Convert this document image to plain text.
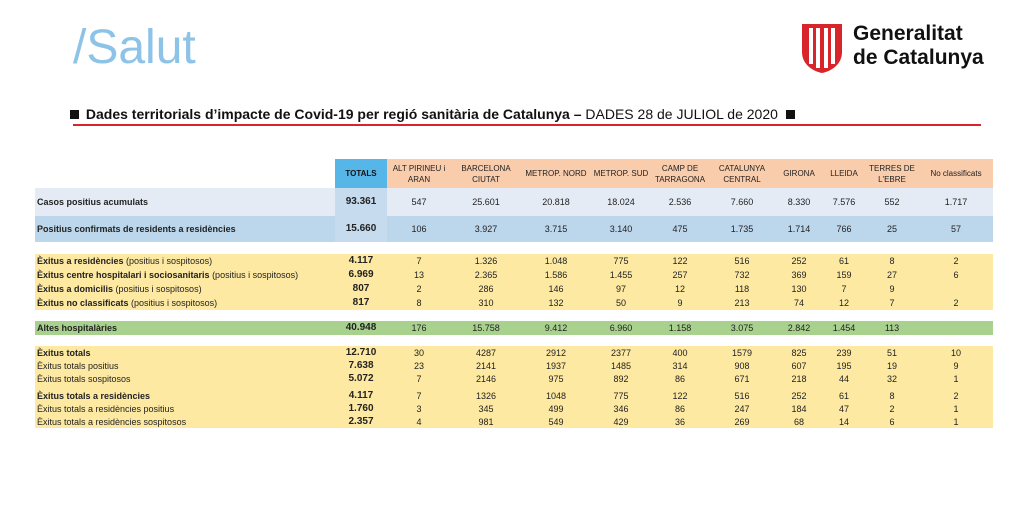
/Salut	Generalitat
de Catalunya
Dades territorials d’impacte de Covid-19 per regió sanitària de Catalunya – DADES 28 de JULIOL de 2020
	TOTALS	ALT PIRINEU i ARAN	BARCELONA CIUTAT	METROP. NORD	METROP. SUD	CAMP DE TARRAGONA	CATALUNYA CENTRAL	GIRONA	LLEIDA	TERRES DE L'EBRE	No classificats
Casos positius acumulats	93.361	547	25.601	20.818	18.024	2.536	7.660	8.330	7.576	552	1.717
Positius confirmats de residents a residències	15.660	106	3.927	3.715	3.140	475	1.735	1.714	766	25	57

Èxitus a residències (positius i sospitosos)	4.117	7	1.326	1.048	775	122	516	252	61	8	2
Èxitus centre hospitalari i sociosanitaris (positius i sospitosos)	6.969	13	2.365	1.586	1.455	257	732	369	159	27	6
Èxitus a domicilis (positius i sospitosos)	807	2	286	146	97	12	118	130	7	9	
Èxitus no classificats (positius i sospitosos)	817	8	310	132	50	9	213	74	12	7	2

Altes hospitalàries	40.948	176	15.758	9.412	6.960	1.158	3.075	2.842	1.454	113	

Èxitus totals	12.710	30	4287	2912	2377	400	1579	825	239	51	10
Èxitus totals positius	7.638	23	2141	1937	1485	314	908	607	195	19	9
Èxitus totals sospitosos	5.072	7	2146	975	892	86	671	218	44	32	1

Èxitus totals a residències	4.117	7	1326	1048	775	122	516	252	61	8	2
Èxitus totals a residències positius	1.760	3	345	499	346	86	247	184	47	2	1
Èxitus totals a residències sospitosos	2.357	4	981	549	429	36	269	68	14	6	1
